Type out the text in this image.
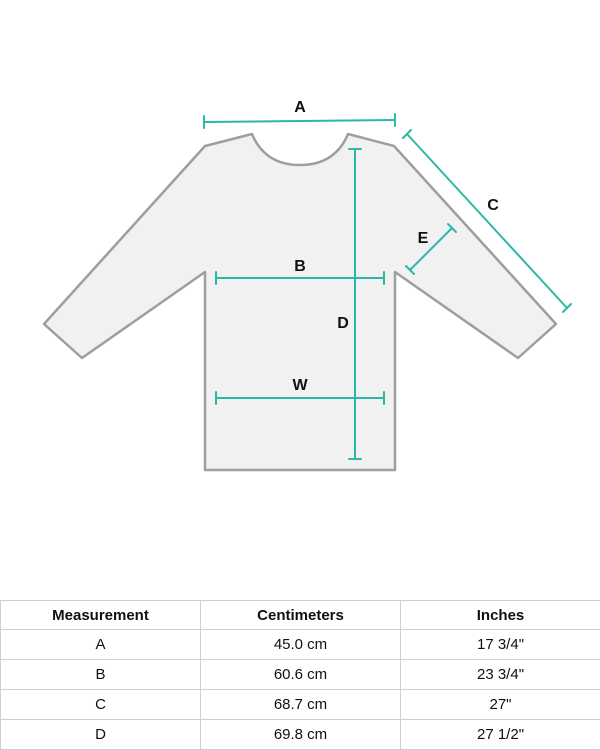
A
B
C
D
E
W
Measurement	Centimeters	Inches
A	45.0 cm	17 3/4"
B	60.6 cm	23 3/4"
C	68.7 cm	27"
D	69.8 cm	27 1/2"
